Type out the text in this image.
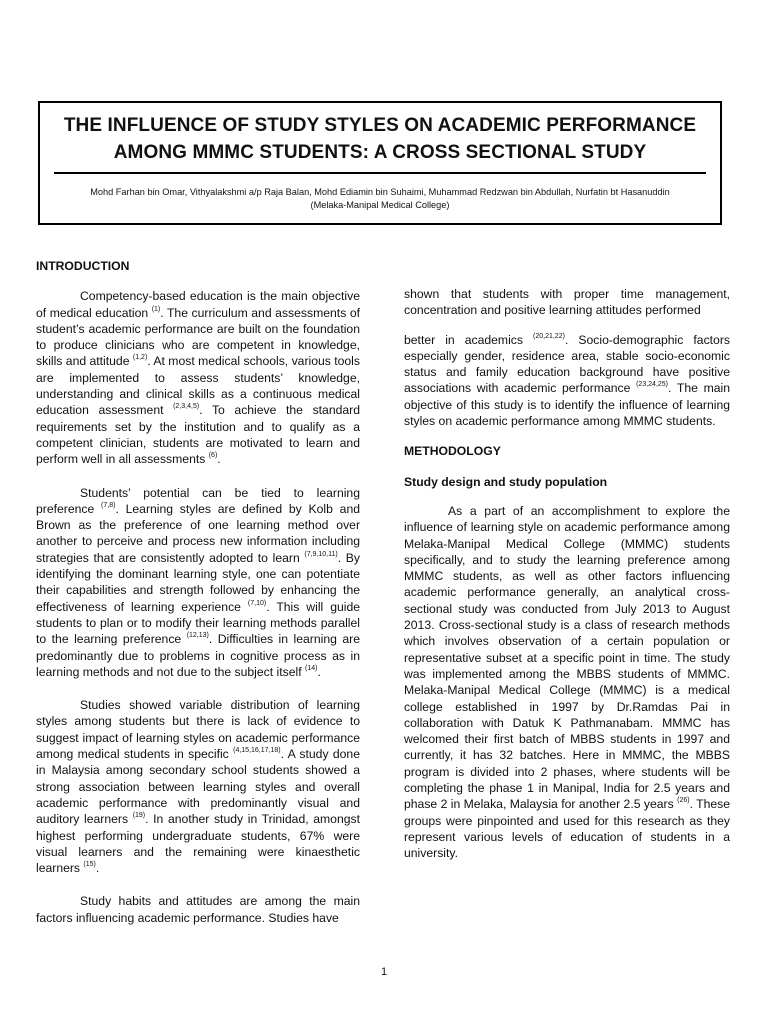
THE INFLUENCE OF STUDY STYLES ON ACADEMIC PERFORMANCE
AMONG MMMC STUDENTS: A CROSS SECTIONAL STUDY
Mohd Farhan bin Omar, Vithyalakshmi a/p Raja Balan, Mohd Ediamin bin Suhaimi, Muhammad Redzwan bin Abdullah, Nurfatin bt Hasanuddin
(Melaka-Manipal Medical College)

INTRODUCTION

Competency-based education is the main objective of medical education $^{(1)}$. The curriculum and assessments of student’s academic performance are built on the foundation to produce clinicians who are competent in knowledge, skills and attitude $^{(1,2)}$. At most medical schools, various tools are implemented to assess students’ knowledge, understanding and clinical skills as a continuous medical education assessment $^{(2,3,4,5)}$. To achieve the standard requirements set by the institution and to qualify as a competent clinician, students are motivated to learn and perform well in all assessments $^{(6)}$.

Students’ potential can be tied to learning preference $^{(7,8)}$. Learning styles are defined by Kolb and Brown as the preference of one learning method over another to perceive and process new information including strategies that are consistently adopted to learn $^{(7,9,10,11)}$. By identifying the dominant learning style, one can potentiate their capabilities and strength followed by enhancing the effectiveness of learning experience $^{(7,10)}$. This will guide students to plan or to modify their learning methods parallel to the learning preference $^{(12,13)}$. Difficulties in learning are predominantly due to problems in cognitive process as in learning methods and not due to the subject itself $^{(14)}$.

Studies showed variable distribution of learning styles among students but there is lack of evidence to suggest impact of learning styles on academic performance among medical students in specific $^{(4,15,16,17,18)}$. A study done in Malaysia among secondary school students showed a strong association between learning styles and overall academic performance with predominantly visual and auditory learners $^{(19)}$. In another study in Trinidad, amongst highest performing undergraduate students, 67% were visual learners and the remaining were kinaesthetic learners $^{(15)}$.

Study habits and attitudes are among the main factors influencing academic performance. Studies have

shown that students with proper time management, concentration and positive learning attitudes performed

better in academics $^{(20,21,22)}$. Socio-demographic factors especially gender, residence area, stable socio-economic status and family education background have positive associations with academic performance $^{(23,24,25)}$. The main objective of this study is to identify the influence of learning styles on academic performance among MMMC students.

METHODOLOGY

Study design and study population

As a part of an accomplishment to explore the influence of learning style on academic performance among Melaka-Manipal Medical College (MMMC) students specifically, and to study the learning preference among MMMC students, as well as other factors influencing academic performance generally, an analytical cross-sectional study was conducted from July 2013 to August 2013. Cross-sectional study is a class of research methods which involves observation of a certain population or representative subset at a specific point in time. The study was implemented among the MBBS students of MMMC. Melaka-Manipal Medical College (MMMC) is a medical college established in 1997 by Dr.Ramdas Pai in collaboration with Datuk K Pathmanabam. MMMC has welcomed their first batch of MBBS students in 1997 and currently, it has 32 batches. Here in MMMC, the MBBS program is divided into 2 phases, where students will be completing the phase 1 in Manipal, India for 2.5 years and phase 2 in Melaka, Malaysia for another 2.5 years $^{(26)}$. These groups were pinpointed and used for this research as they represent various levels of education of students in a university.

1
